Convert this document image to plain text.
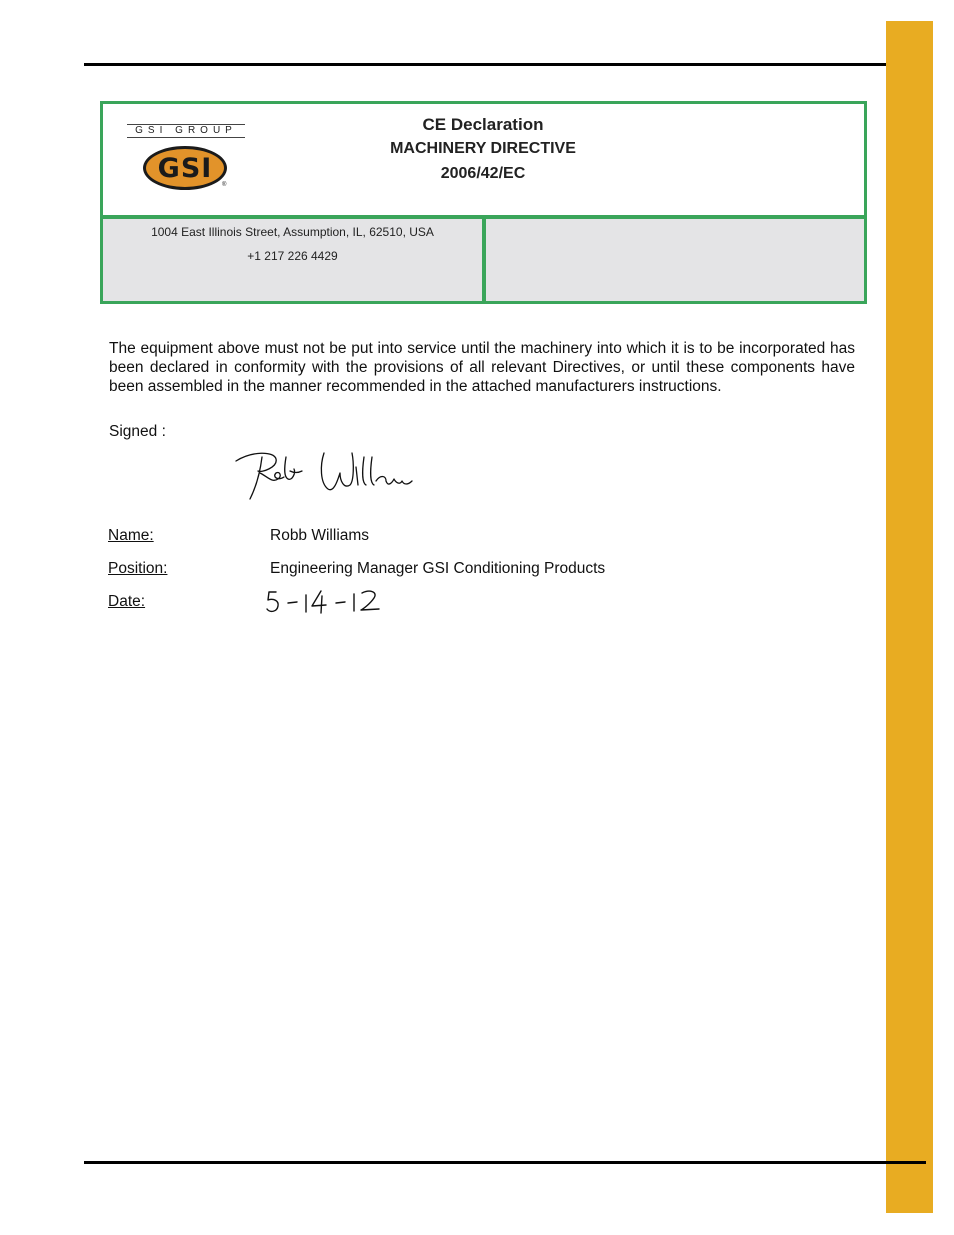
GSI GROUP
GSI
®
CE Declaration
MACHINERY DIRECTIVE
2006/42/EC
1004 East Illinois Street, Assumption, IL, 62510, USA
+1 217 226 4429
The equipment above must not be put into service until the machinery into which it is to be incorporated has been declared in conformity with the provisions of all relevant Directives, or until these components have been assembled in the manner recommended in the attached manufacturers instructions.
Signed :
Name:	Robb Williams
Position:	Engineering Manager GSI Conditioning Products
Date:
